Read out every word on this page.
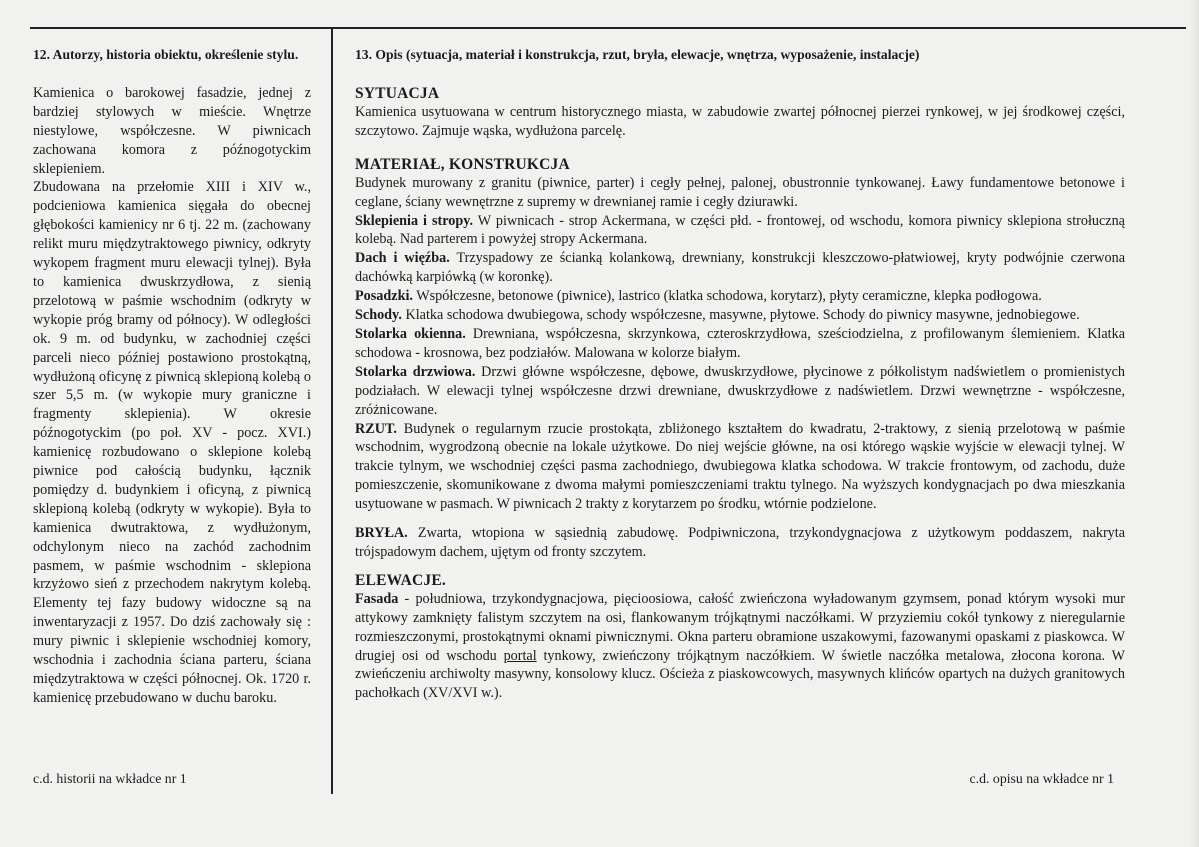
12. Autorzy, historia obiektu, określenie stylu.

Kamienica o barokowej fasadzie, jednej z bardziej stylowych w mieście. Wnętrze niestylowe, współczesne. W piwnicach zachowana komora z późnogotyckim sklepieniem.

Zbudowana na przełomie XIII i XIV w., podcieniowa kamienica sięgała do obecnej głębokości kamienicy nr 6 tj. 22 m. (zachowany relikt muru międzytraktowego piwnicy, odkryty wykopem fragment muru elewacji tylnej). Była to kamienica dwuskrzydłowa, z sienią przelotową w paśmie wschodnim (odkryty w wykopie próg bramy od północy). W odległości ok. 9 m. od budynku, w zachodniej części parceli nieco później postawiono prostokątną, wydłużoną oficynę z piwnicą sklepioną kolebą o szer 5,5 m. (w wykopie mury graniczne i fragmenty sklepienia). W okresie późnogotyckim (po poł. XV - pocz. XVI.) kamienicę rozbudowano o sklepione kolebą piwnice pod całością budynku, łącznik pomiędzy d. budynkiem i oficyną, z piwnicą sklepioną kolebą (odkryty w wykopie). Była to kamienica dwutraktowa, z wydłużonym, odchylonym nieco na zachód zachodnim pasmem, w paśmie wschodnim - sklepiona krzyżowo sień z przechodem nakrytym kolebą. Elementy tej fazy budowy widoczne są na inwentaryzacji z 1957. Do dziś zachowały się : mury piwnic i sklepienie wschodniej komory, wschodnia i zachodnia ściana parteru, ściana międzytraktowa w części północnej. Ok. 1720 r. kamienicę przebudowano w duchu baroku.

13. Opis (sytuacja, materiał i konstrukcja, rzut, bryła, elewacje, wnętrza, wyposażenie, instalacje)
SYTUACJA

Kamienica usytuowana w centrum historycznego miasta, w zabudowie zwartej północnej pierzei rynkowej, w jej środkowej części, szczytowo. Zajmuje wąska, wydłużona parcelę.

MATERIAŁ, KONSTRUKCJA

Budynek murowany z granitu (piwnice, parter) i cegły pełnej, palonej, obustronnie tynkowanej. Ławy fundamentowe betonowe i ceglane, ściany wewnętrzne z supremy w drewnianej ramie i cegły dziurawki.

Sklepienia i stropy. W piwnicach - strop Ackermana, w części płd. - frontowej, od wschodu, komora piwnicy sklepiona strołuczną kolebą. Nad parterem i powyżej stropy Ackermana.

Dach i więźba. Trzyspadowy ze ścianką kolankową, drewniany, konstrukcji kleszczowo-płatwiowej, kryty podwójnie czerwona dachówką karpiówką (w koronkę).

Posadzki. Współczesne, betonowe (piwnice), lastrico (klatka schodowa, korytarz), płyty ceramiczne, klepka podłogowa.

Schody. Klatka schodowa dwubiegowa, schody współczesne, masywne, płytowe. Schody do piwnicy masywne, jednobiegowe.

Stolarka okienna. Drewniana, współczesna, skrzynkowa, czteroskrzydłowa, sześciodzielna, z profilowanym ślemieniem. Klatka schodowa - krosnowa, bez podziałów. Malowana w kolorze białym.

Stolarka drzwiowa. Drzwi główne współczesne, dębowe, dwuskrzydłowe, płycinowe z półkolistym nadświetlem o promienistych podziałach. W elewacji tylnej współczesne drzwi drewniane, dwuskrzydłowe z nadświetlem. Drzwi wewnętrzne - współczesne, zróżnicowane.

RZUT. Budynek o regularnym rzucie prostokąta, zbliżonego kształtem do kwadratu, 2-traktowy, z sienią przelotową w paśmie wschodnim, wygrodzoną obecnie na lokale użytkowe. Do niej wejście główne, na osi którego wąskie wyjście w elewacji tylnej. W trakcie tylnym, we wschodniej części pasma zachodniego, dwubiegowa klatka schodowa. W trakcie frontowym, od zachodu, duże pomieszczenie, skomunikowane z dwoma małymi pomieszczeniami traktu tylnego. Na wyższych kondygnacjach po dwa mieszkania usytuowane w pasmach. W piwnicach 2 trakty z korytarzem po środku, wtórnie podzielone.

BRYŁA. Zwarta, wtopiona w sąsiednią zabudowę. Podpiwniczona, trzykondygnacjowa z użytkowym poddaszem, nakryta trójspadowym dachem, ujętym od fronty szczytem.

ELEWACJE.

Fasada - południowa, trzykondygnacjowa, pięcioosiowa, całość zwieńczona wyładowanym gzymsem, ponad którym wysoki mur attykowy zamknięty falistym szczytem na osi, flankowanym trójkątnymi naczółkami. W przyziemiu cokół tynkowy z nieregularnie rozmieszczonymi, prostokątnymi oknami piwnicznymi. Okna parteru obramione uszakowymi, fazowanymi opaskami z piaskowca. W drugiej osi od wschodu portal tynkowy, zwieńczony trójkątnym naczółkiem. W świetle naczółka metalowa, złocona korona. W zwieńczeniu archiwolty masywny, konsolowy klucz. Ościeża z piaskowcowych, masywnych klińców opartych na dużych granitowych pachołkach (XV/XVI w.).

c.d. historii na wkładce nr 1	c.d. opisu na wkładce nr 1
